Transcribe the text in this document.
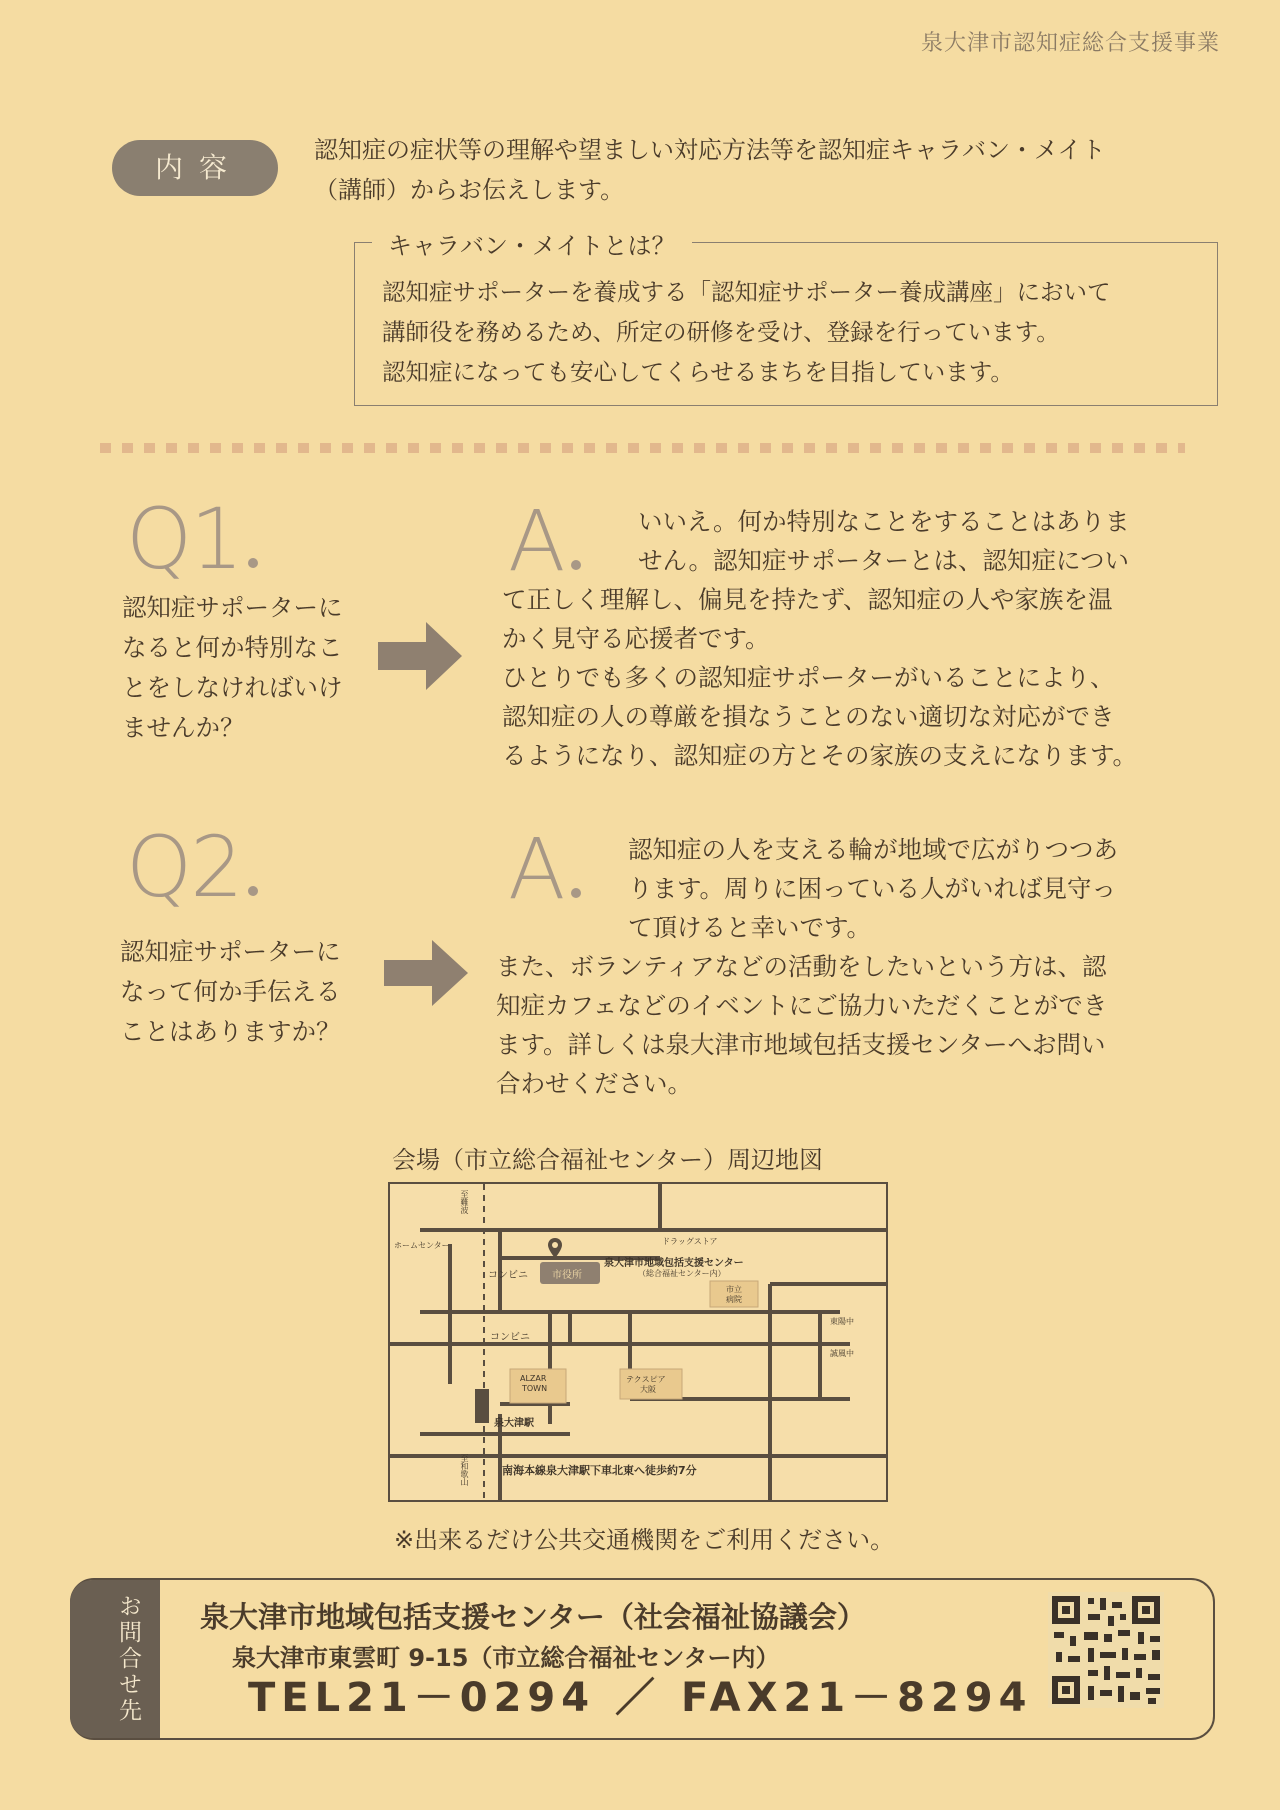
泉大津市認知症総合支援事業
内容
認知症の症状等の理解や望ましい対応方法等を認知症キャラバン・メイト
（講師）からお伝えします。
キャラバン・メイトとは？
認知症サポーターを養成する「認知症サポーター養成講座」において
講師役を務めるため、所定の研修を受け、登録を行っています。
認知症になっても安心してくらせるまちを目指しています。
Q1
認知症サポーターに
なると何か特別なこ
とをしなければいけ
ませんか？
A	いいえ。何か特別なことをすることはありま
せん。認知症サポーターとは、認知症につい
て正しく理解し、偏見を持たず、認知症の人や家族を温
かく見守る応援者です。
ひとりでも多くの認知症サポーターがいることにより、
認知症の人の尊厳を損なうことのない適切な対応ができ
るようになり、認知症の方とその家族の支えになります。
Q2
認知症サポーターに
なって何か手伝える
ことはありますか？
A	認知症の人を支える輪が地域で広がりつつあ
ります。周りに困っている人がいれば見守っ
て頂けると幸いです。
また、ボランティアなどの活動をしたいという方は、認
知症カフェなどのイベントにご協力いただくことができ
ます。詳しくは泉大津市地域包括支援センターへお問い
合わせください。
会場（市立総合福祉センター）周辺地図
ドラッグストア
ホームセンター
コンビニ 市役所
泉大津市地域包括支援センター
（総合福祉センター内）
市立
病院
東陽中
誠風中
コンビニ
ALZAR
TOWN
テクスピア
大阪
泉大津駅
南海本線泉大津駅下車北東へ徒歩約7分
至難波
至和歌山
※出来るだけ公共交通機関をご利用ください。
お問合せ先 泉大津市地域包括支援センター（社会福祉協議会）
泉大津市東雲町 9-15（市立総合福祉センター内）
TEL21－0294 ／ FAX21－8294
